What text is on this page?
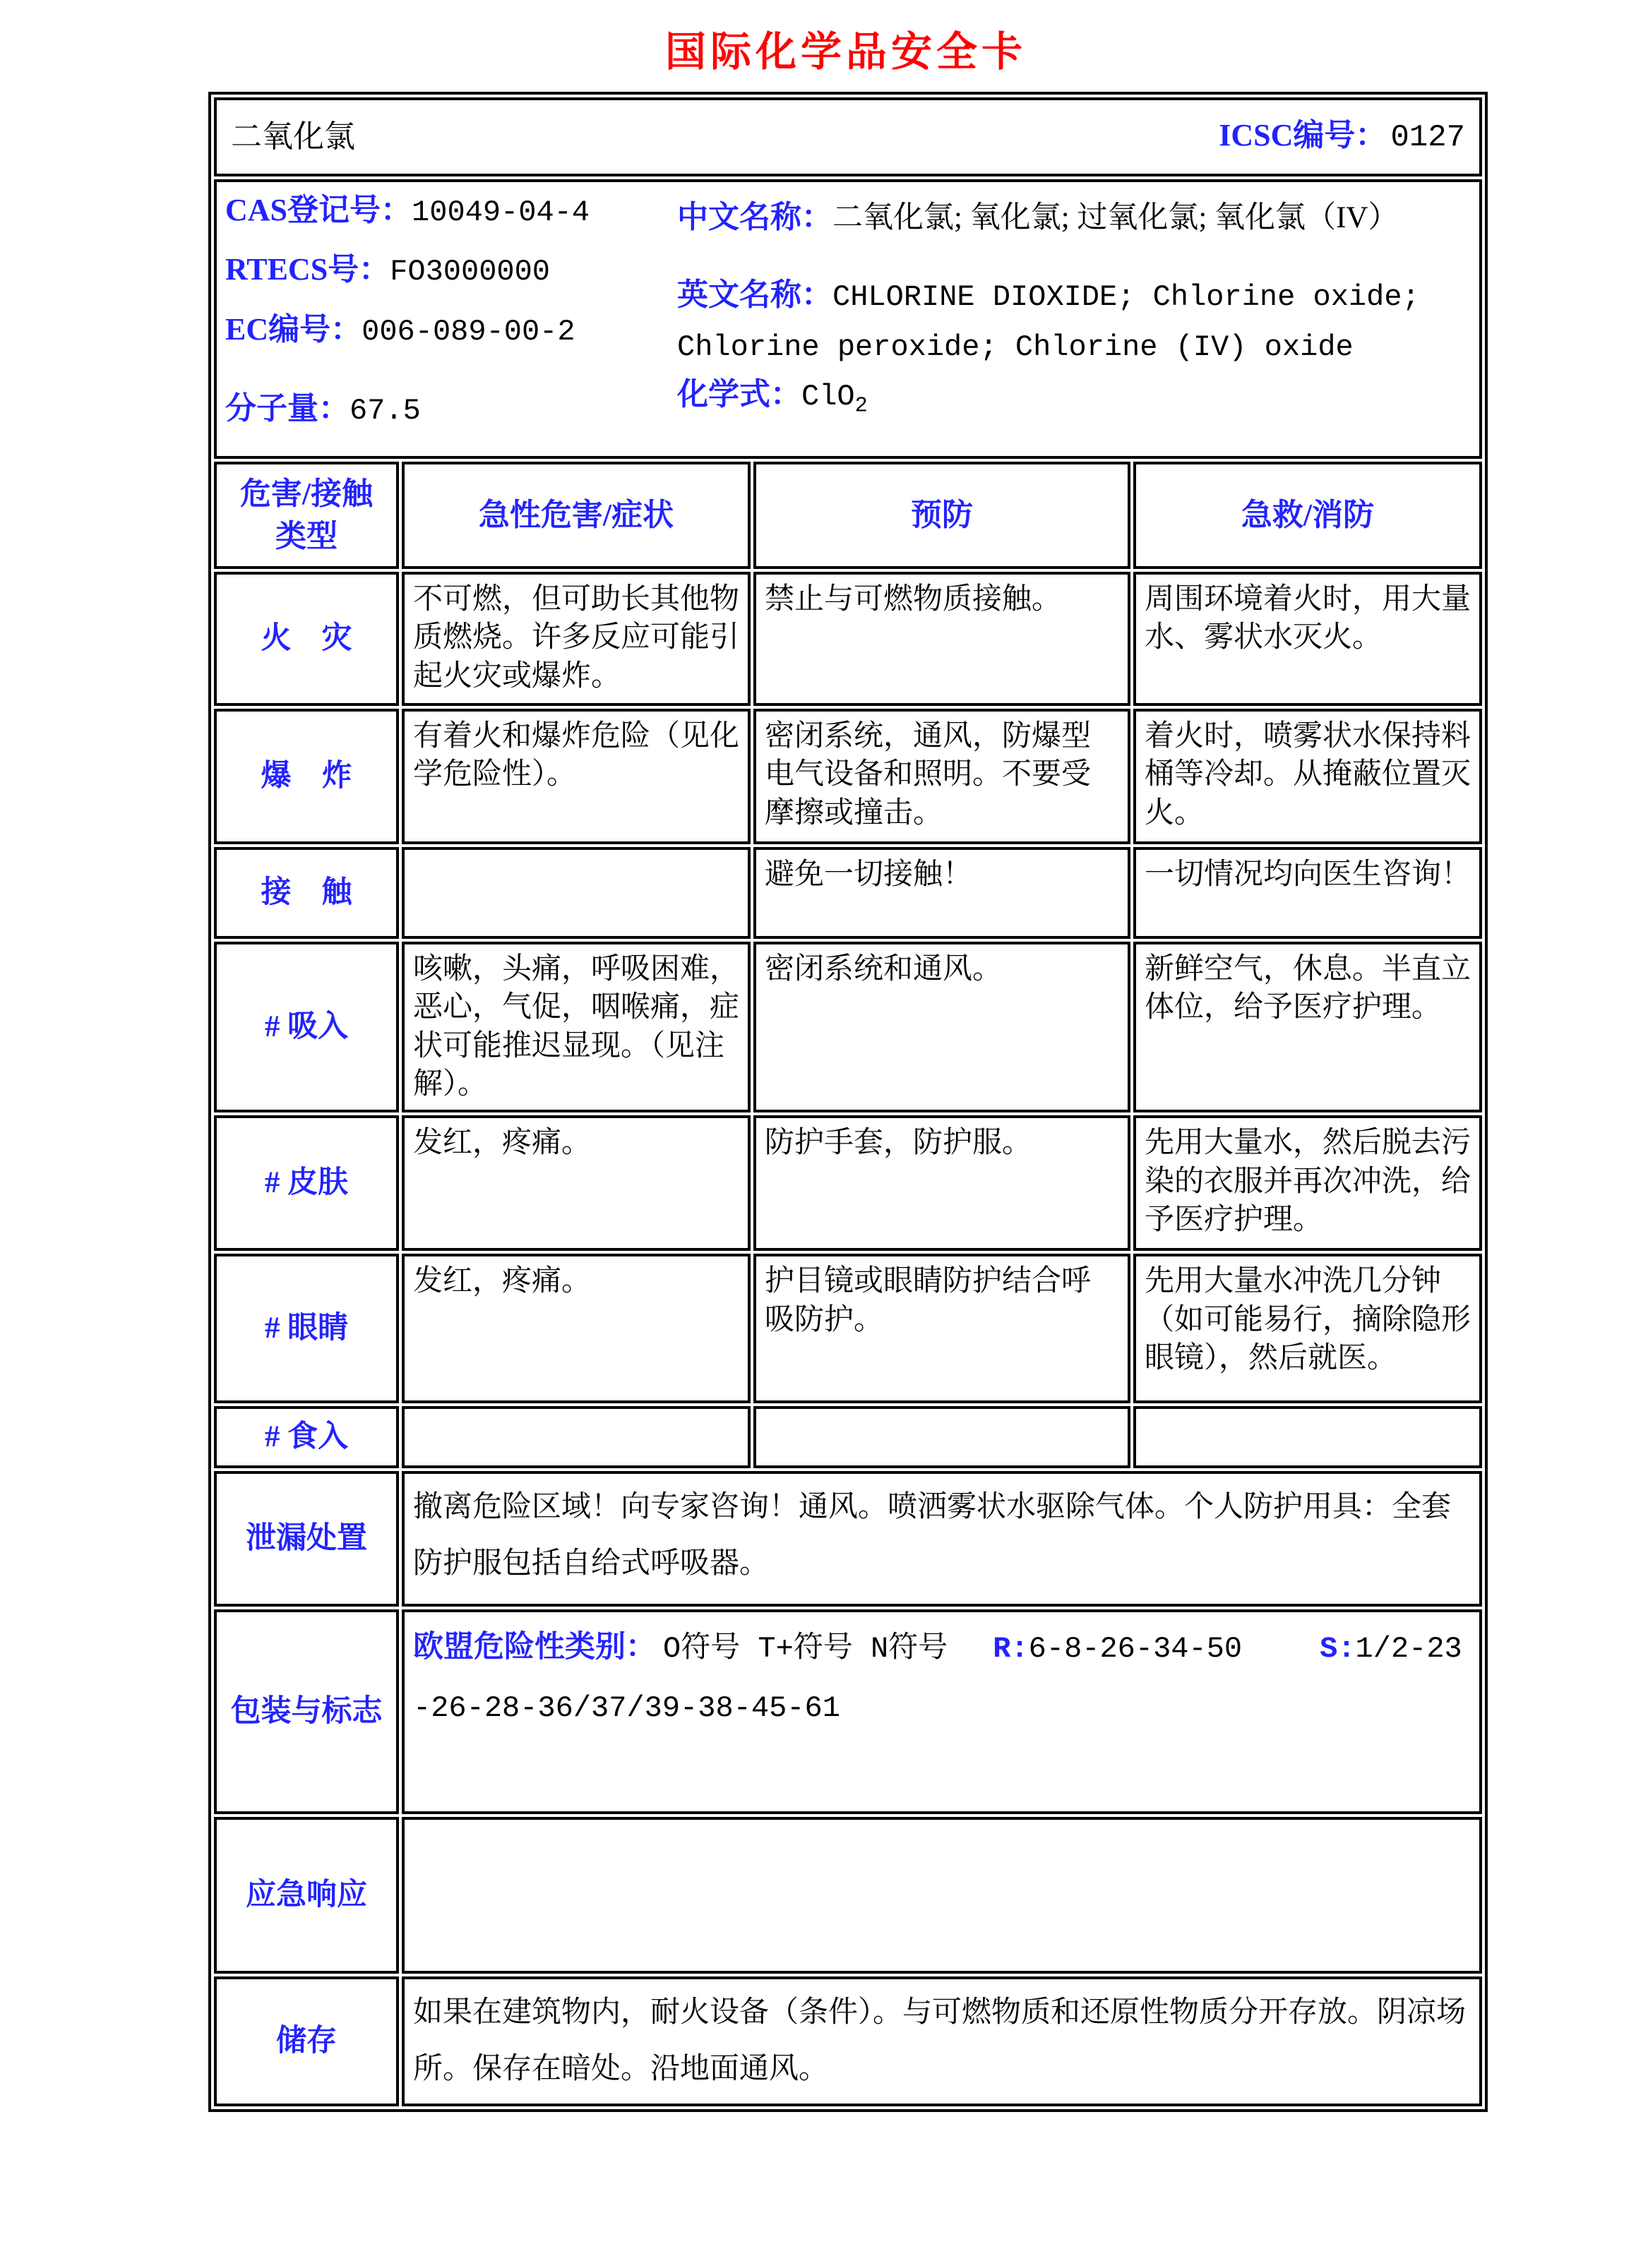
国际化学品安全卡
二氧化氯 ICSC编号： 0127			

CAS登记号：10049-04-4

RTECS号：FO3000000

EC编号：006-089-00-2

分子量：67.5

中文名称：二氧化氯; 氧化氯; 过氧化氯; 氧化氯（IV）

英文名称：CHLORINE DIOXIDE; Chlorine oxide; Chlorine peroxide; Chlorine (IV) oxide

化学式：ClO$_2$

危害/接触类型	急性危害/症状	预防	急救/消防
火　灾	不可燃，但可助长其他物质燃烧。许多反应可能引起火灾或爆炸。	禁止与可燃物质接触。	周围环境着火时，用大量水、雾状水灭火。
爆　炸	有着火和爆炸危险（见化学危险性）。	密闭系统，通风，防爆型电气设备和照明。不要受摩擦或撞击。	着火时，喷雾状水保持料桶等冷却。从掩蔽位置灭火。
接　触		避免一切接触！	一切情况均向医生咨询！
# 吸入	咳嗽，头痛，呼吸困难，恶心，气促，咽喉痛，症状可能推迟显现。（见注解）。	密闭系统和通风。	新鲜空气，休息。半直立体位，给予医疗护理。
# 皮肤	发红，疼痛。	防护手套，防护服。	先用大量水，然后脱去污染的衣服并再次冲洗，给予医疗护理。
# 眼睛	发红，疼痛。	护目镜或眼睛防护结合呼吸防护。	先用大量水冲洗几分钟（如可能易行，摘除隐形眼镜），然后就医。
# 食入			
泄漏处置	撤离危险区域！向专家咨询！通风。喷洒雾状水驱除气体。个人防护用具：全套防护服包括自给式呼吸器。		
包装与标志	欧盟危险性类别： O符号 T+符号 N符号 R:6-8-26-34-50 S:1/2-23-26-28-36/37/39-38-45-61		
应急响应			
储存	如果在建筑物内，耐火设备（条件）。与可燃物质和还原性物质分开存放。阴凉场所。保存在暗处。沿地面通风。		
